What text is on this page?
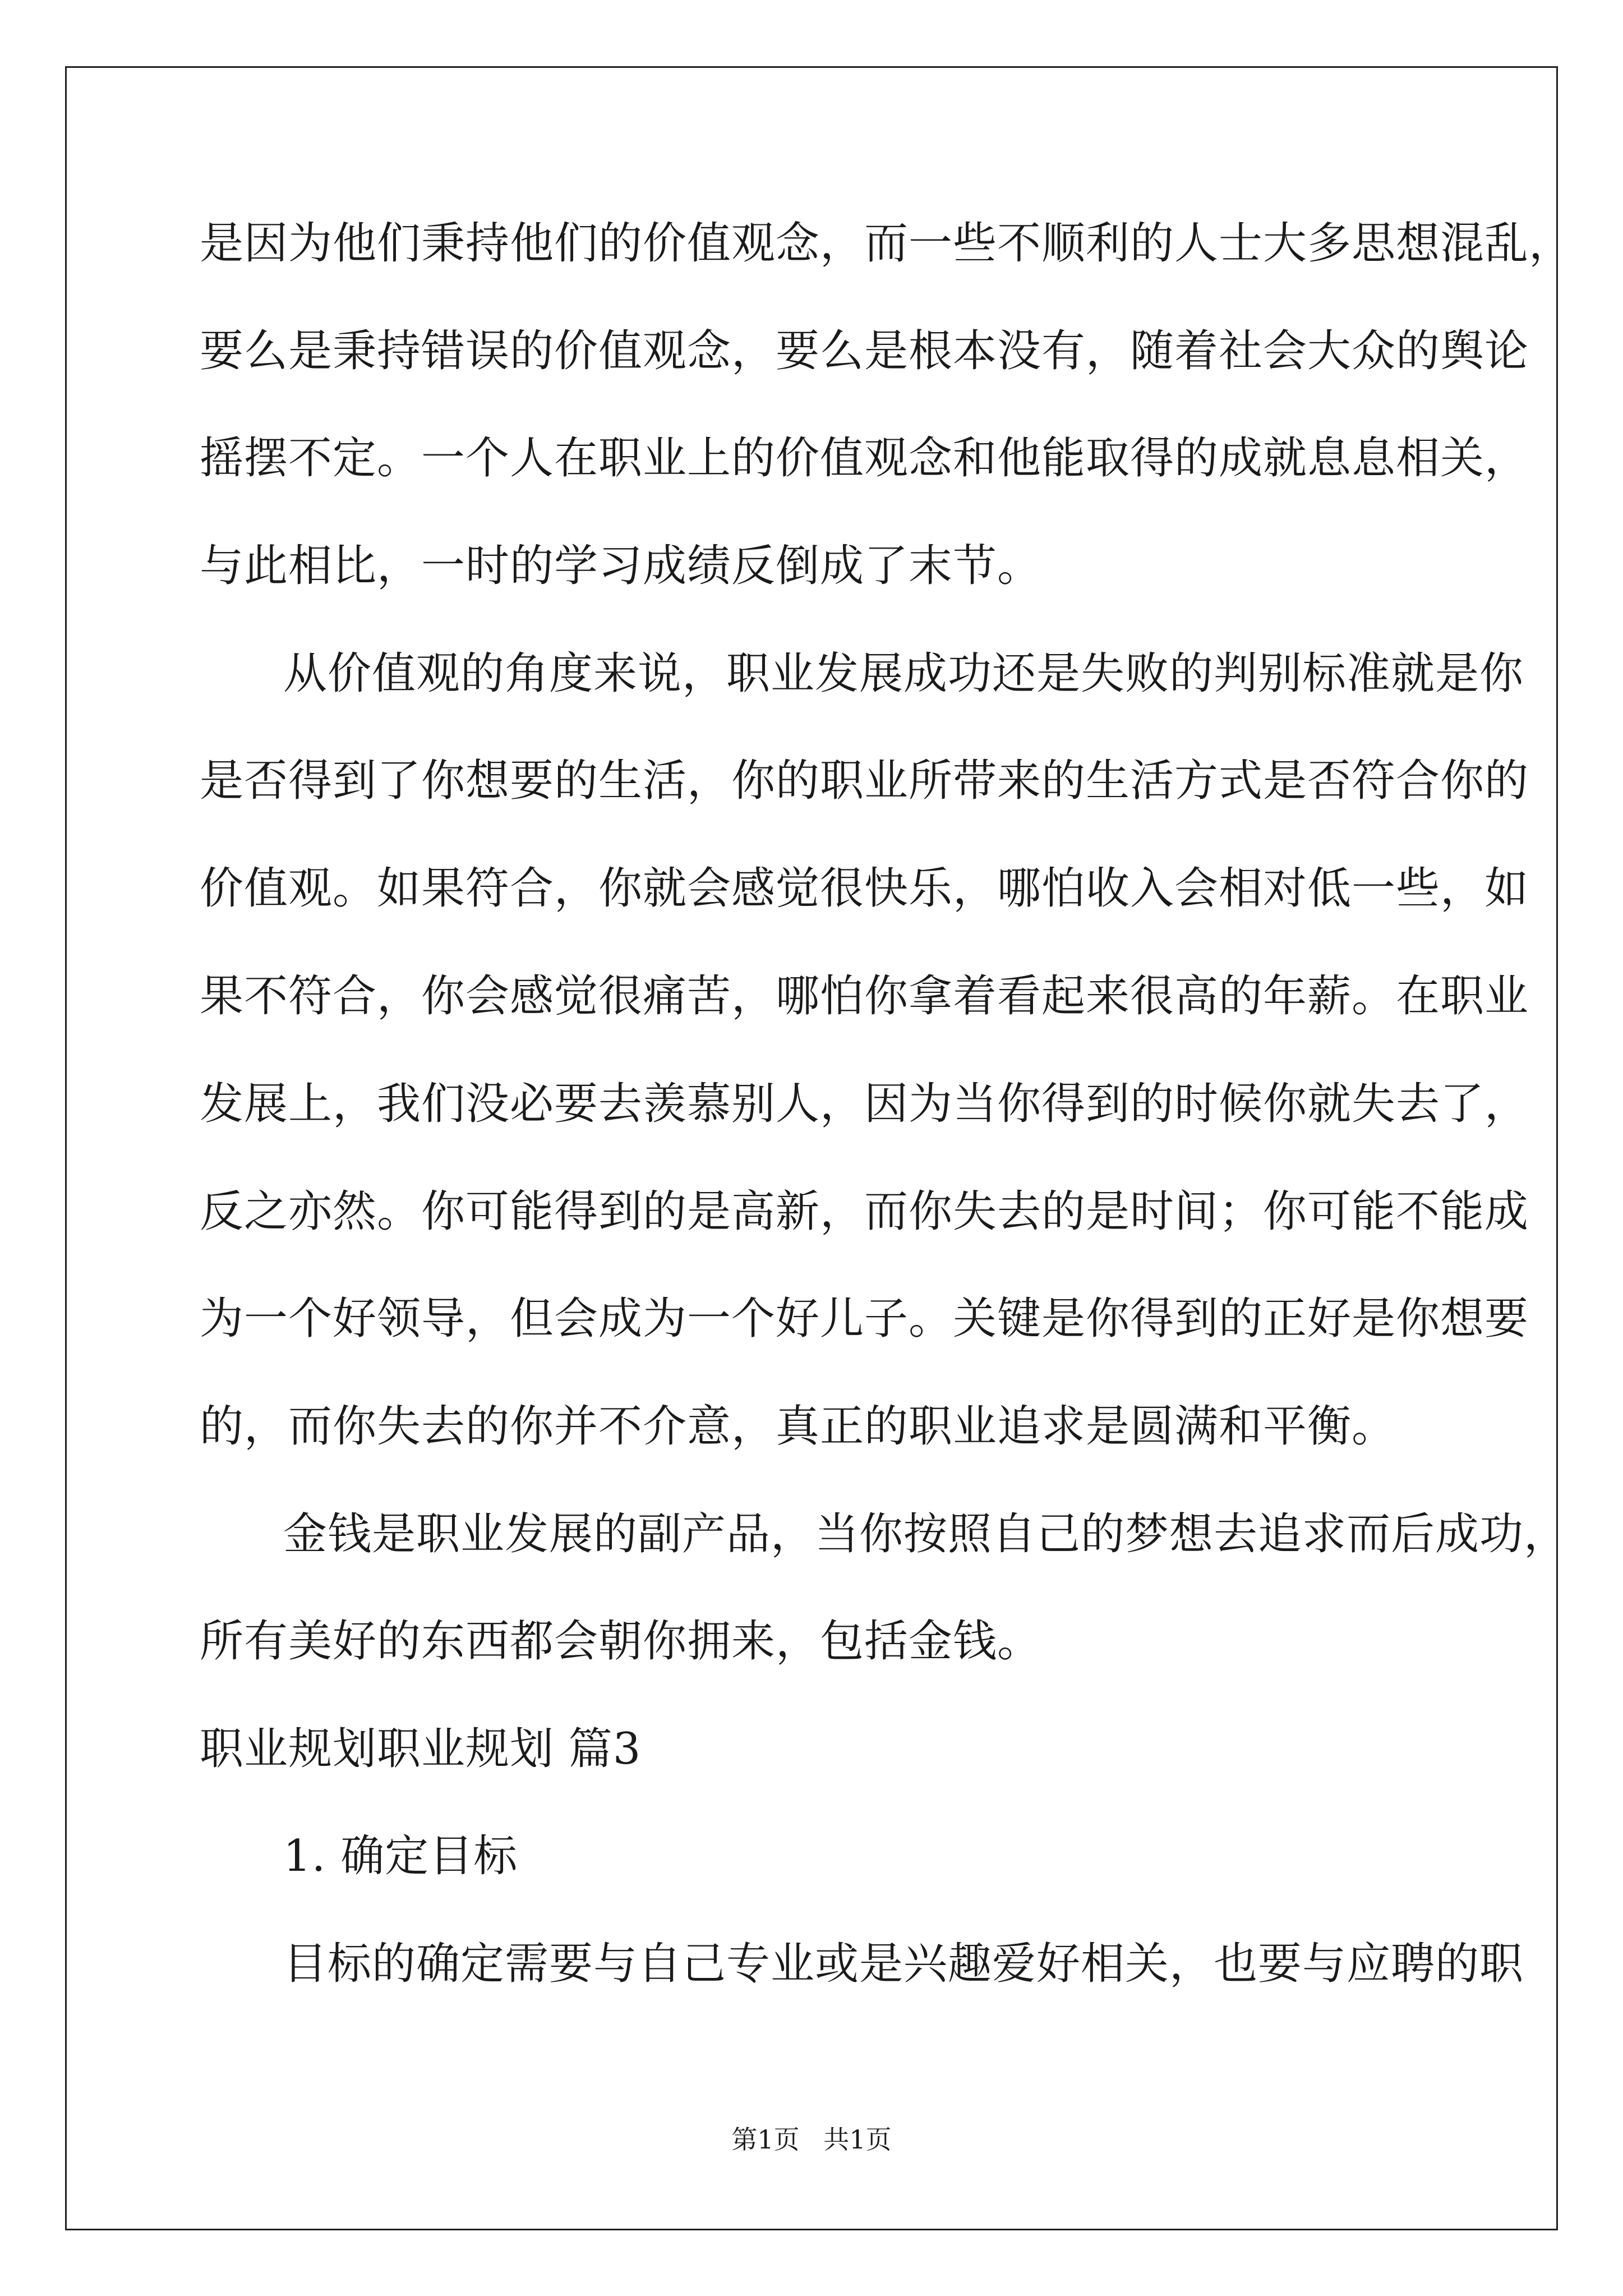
是因为他们秉持他们的价值观念，而一些不顺利的人士大多思想混乱，

要么是秉持错误的价值观念，要么是根本没有，随着社会大众的舆论

摇摆不定。一个人在职业上的价值观念和他能取得的成就息息相关，

与此相比，一时的学习成绩反倒成了末节。

从价值观的角度来说，职业发展成功还是失败的判别标准就是你

是否得到了你想要的生活，你的职业所带来的生活方式是否符合你的

价值观。如果符合，你就会感觉很快乐，哪怕收入会相对低一些，如

果不符合，你会感觉很痛苦，哪怕你拿着看起来很高的年薪。在职业

发展上，我们没必要去羡慕别人，因为当你得到的时候你就失去了，

反之亦然。你可能得到的是高新，而你失去的是时间；你可能不能成

为一个好领导，但会成为一个好儿子。关键是你得到的正好是你想要

的，而你失去的你并不介意，真正的职业追求是圆满和平衡。

金钱是职业发展的副产品，当你按照自己的梦想去追求而后成功，

所有美好的东西都会朝你拥来，包括金钱。

职业规划职业规划 篇3

1. 确定目标

目标的确定需要与自己专业或是兴趣爱好相关，也要与应聘的职

第1页 共1页
